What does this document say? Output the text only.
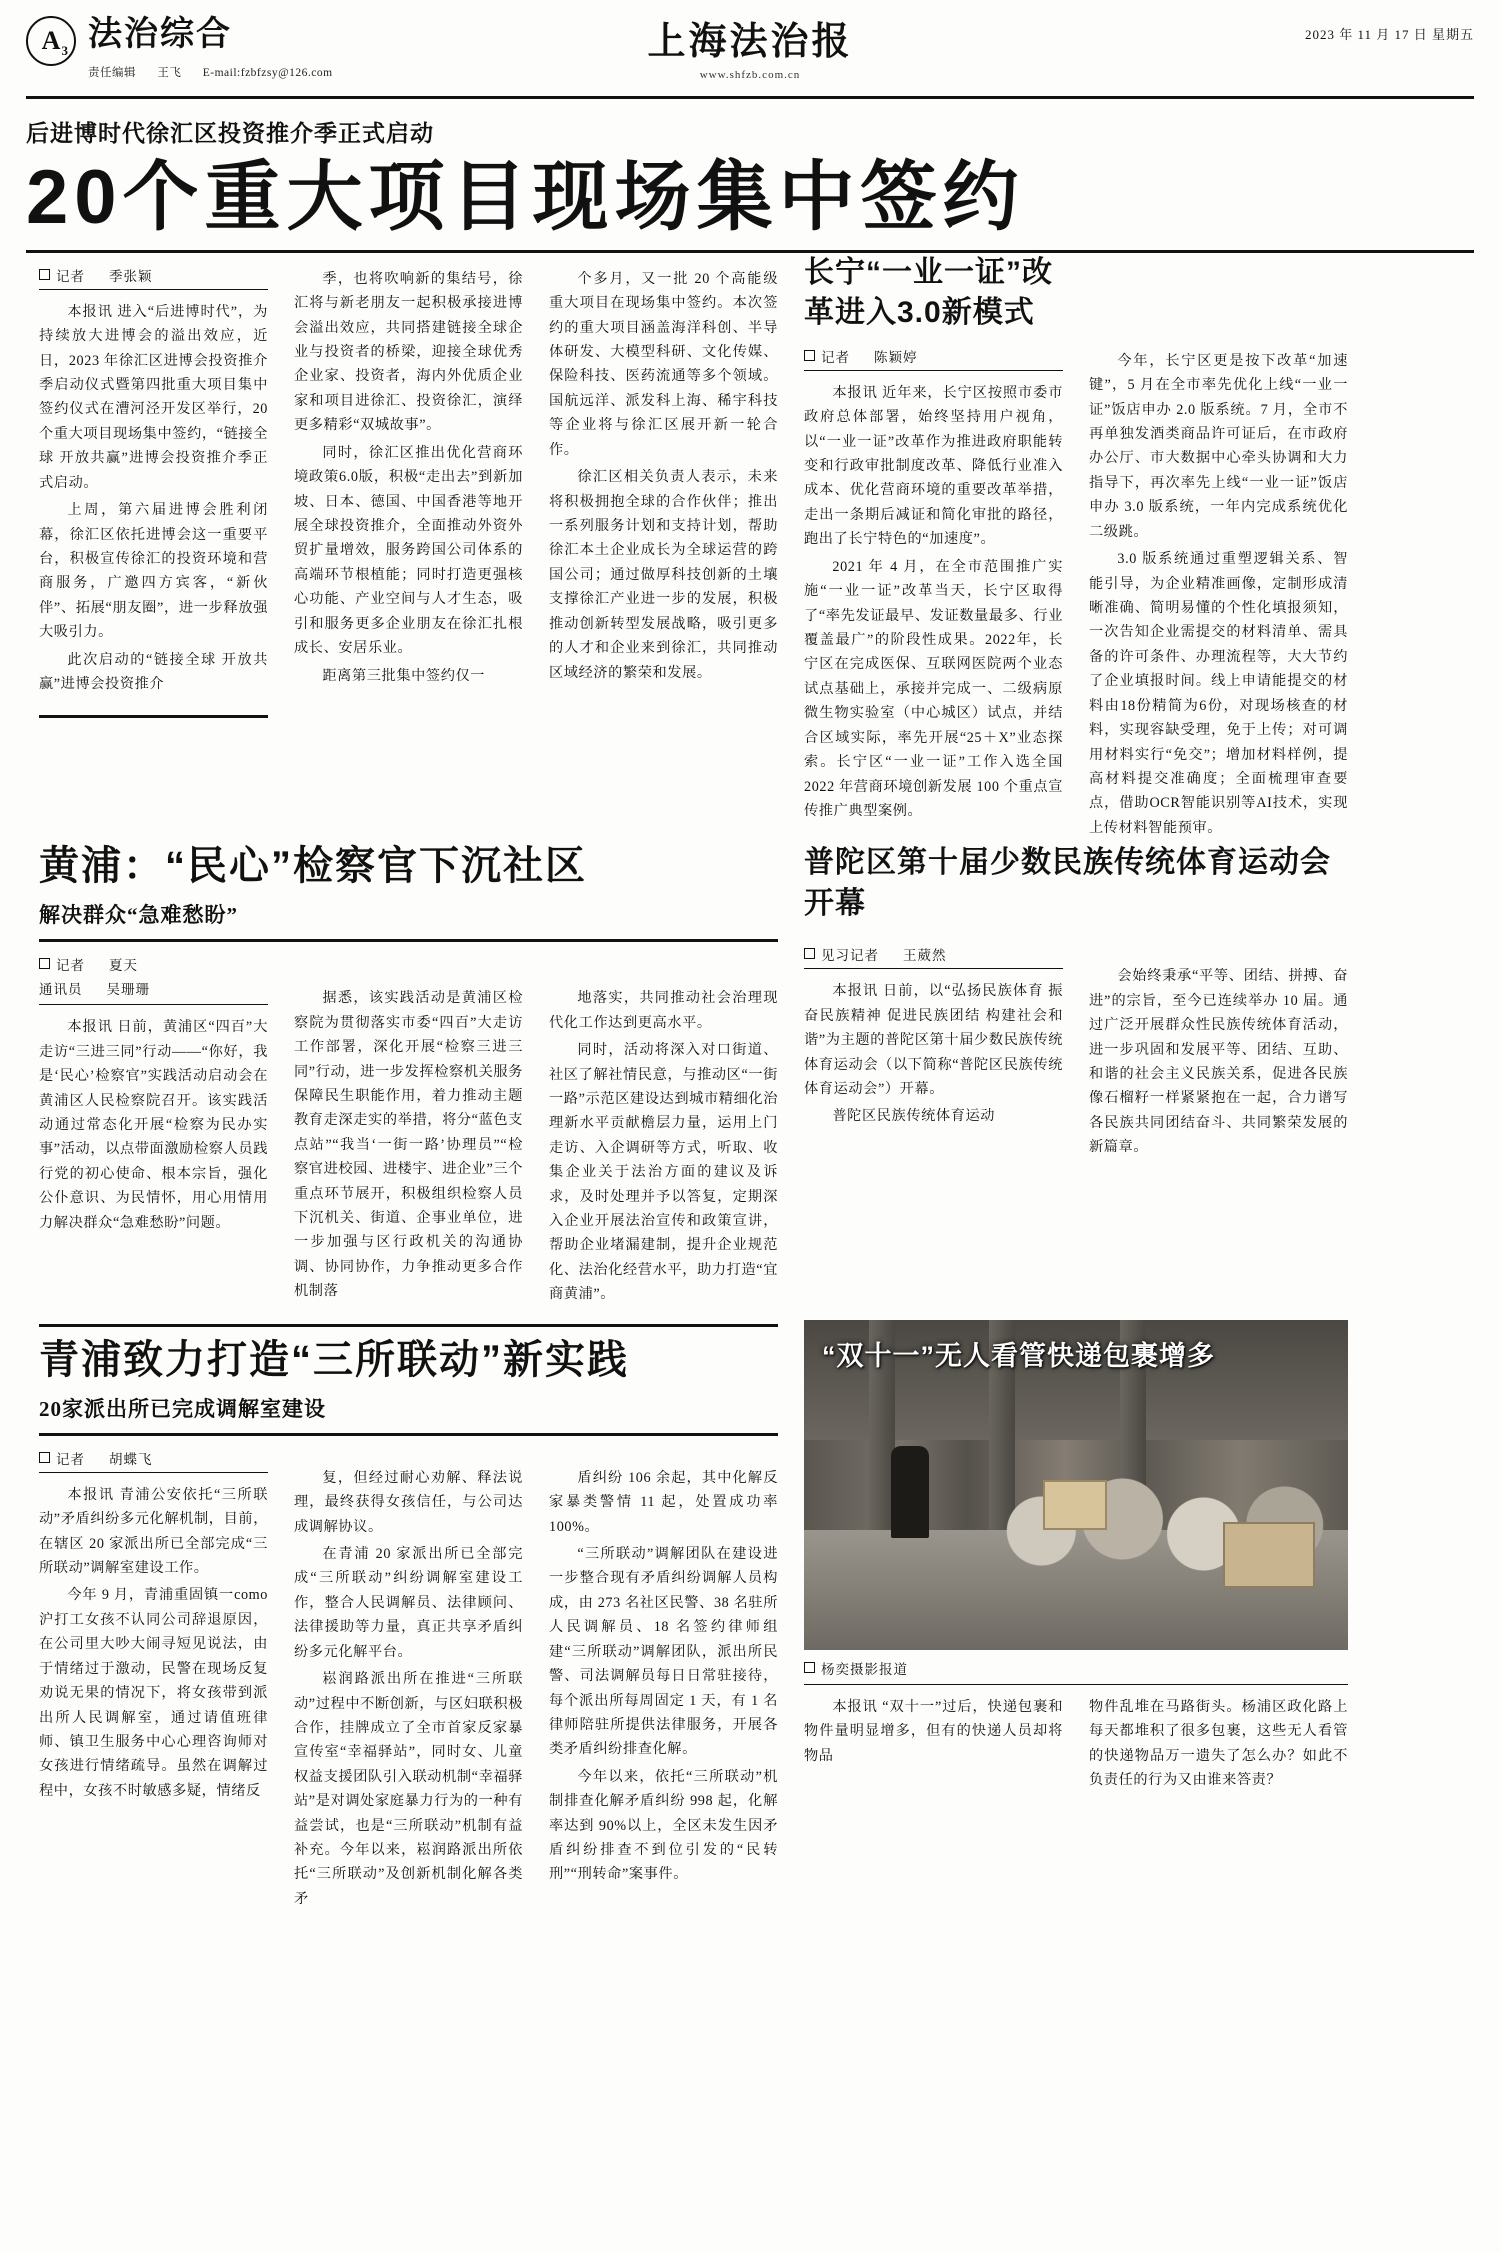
$A_3$ 法治综合
责任编辑 王飞 E-mail:fzbfzsy@126.com
上海法治报
www.shfzb.com.cn
2023 年 11 月 17 日 星期五
后进博时代徐汇区投资推介季正式启动
20个重大项目现场集中签约
记者 季张颖

本报讯 进入“后进博时代”，为持续放大进博会的溢出效应，近日，2023 年徐汇区进博会投资推介季启动仪式暨第四批重大项目集中签约仪式在漕河泾开发区举行，20 个重大项目现场集中签约，“链接全球 开放共赢”进博会投资推介季正式启动。

上周，第六届进博会胜利闭幕，徐汇区依托进博会这一重要平台，积极宣传徐汇的投资环境和营商服务，广邀四方宾客，“新伙伴”、拓展“朋友圈”，进一步释放强大吸引力。

此次启动的“链接全球 开放共赢”进博会投资推介

季，也将吹响新的集结号，徐汇将与新老朋友一起积极承接进博会溢出效应，共同搭建链接全球企业与投资者的桥梁，迎接全球优秀企业家、投资者，海内外优质企业家和项目进徐汇、投资徐汇，演绎更多精彩“双城故事”。

同时，徐汇区推出优化营商环境政策6.0版，积极“走出去”到新加坡、日本、德国、中国香港等地开展全球投资推介，全面推动外资外贸扩量增效，服务跨国公司体系的高端环节根植能；同时打造更强核心功能、产业空间与人才生态，吸引和服务更多企业朋友在徐汇扎根成长、安居乐业。

距离第三批集中签约仅一

个多月，又一批 20 个高能级重大项目在现场集中签约。本次签约的重大项目涵盖海洋科创、半导体研发、大模型科研、文化传媒、保险科技、医药流通等多个领域。国航远洋、派发科上海、稀宇科技等企业将与徐汇区展开新一轮合作。

徐汇区相关负责人表示，未来将积极拥抱全球的合作伙伴；推出一系列服务计划和支持计划，帮助徐汇本土企业成长为全球运营的跨国公司；通过做厚科技创新的土壤支撑徐汇产业进一步的发展，积极推动创新转型发展战略，吸引更多的人才和企业来到徐汇，共同推动区域经济的繁荣和发展。

长宁“一业一证”改革进入3.0新模式
记者 陈颖婷

本报讯 近年来，长宁区按照市委市政府总体部署，始终坚持用户视角，以“一业一证”改革作为推进政府职能转变和行政审批制度改革、降低行业准入成本、优化营商环境的重要改革举措，走出一条期后减证和简化审批的路径，跑出了长宁特色的“加速度”。

2021 年 4 月，在全市范围推广实施“一业一证”改革当天，长宁区取得了“率先发证最早、发证数量最多、行业覆盖最广”的阶段性成果。2022年，长宁区在完成医保、互联网医院两个业态试点基础上，承接并完成一、二级病原微生物实验室（中心城区）试点，并结合区域实际，率先开展“25＋X”业态探索。长宁区“一业一证”工作入选全国 2022 年营商环境创新发展 100 个重点宣传推广典型案例。

今年，长宁区更是按下改革“加速键”，5 月在全市率先优化上线“一业一证”饭店申办 2.0 版系统。7 月，全市不再单独发酒类商品许可证后，在市政府办公厅、市大数据中心牵头协调和大力指导下，再次率先上线“一业一证”饭店申办 3.0 版系统，一年内完成系统优化二级跳。

3.0 版系统通过重塑逻辑关系、智能引导，为企业精准画像，定制形成清晰准确、简明易懂的个性化填报须知，一次告知企业需提交的材料清单、需具备的许可条件、办理流程等，大大节约了企业填报时间。线上申请能提交的材料由18份精简为6份，对现场核查的材料，实现容缺受理，免于上传；对可调用材料实行“免交”；增加材料样例，提高材料提交准确度；全面梳理审查要点，借助OCR智能识别等AI技术，实现上传材料智能预审。

黄浦：“民心”检察官下沉社区
解决群众“急难愁盼”
记者 夏天
通讯员 吴珊珊

本报讯 日前，黄浦区“四百”大走访“三进三同”行动——“你好，我是‘民心’检察官”实践活动启动会在黄浦区人民检察院召开。该实践活动通过常态化开展“检察为民办实事”活动，以点带面激励检察人员践行党的初心使命、根本宗旨，强化公仆意识、为民情怀，用心用情用力解决群众“急难愁盼”问题。

据悉，该实践活动是黄浦区检察院为贯彻落实市委“四百”大走访工作部署，深化开展“检察三进三同”行动，进一步发挥检察机关服务保障民生职能作用，着力推动主题教育走深走实的举措，将分“蓝色支点站”“我当‘一街一路’协理员”“检察官进校园、进楼宇、进企业”三个重点环节展开，积极组织检察人员下沉机关、街道、企事业单位，进一步加强与区行政机关的沟通协调、协同协作，力争推动更多合作机制落

地落实，共同推动社会治理现代化工作达到更高水平。

同时，活动将深入对口街道、社区了解社情民意，与推动区“一街一路”示范区建设达到城市精细化治理新水平贡献檐层力量，运用上门走访、入企调研等方式，听取、收集企业关于法治方面的建议及诉求，及时处理并予以答复，定期深入企业开展法治宣传和政策宣讲，帮助企业堵漏建制，提升企业规范化、法治化经营水平，助力打造“宜商黄浦”。

普陀区第十届少数民族传统体育运动会开幕
见习记者 王葳然

本报讯 日前，以“弘扬民族体育 振奋民族精神 促进民族团结 构建社会和谐”为主题的普陀区第十届少数民族传统体育运动会（以下简称“普陀区民族传统体育运动会”）开幕。

普陀区民族传统体育运动

会始终秉承“平等、团结、拼搏、奋进”的宗旨，至今已连续举办 10 届。通过广泛开展群众性民族传统体育活动，进一步巩固和发展平等、团结、互助、和谐的社会主义民族关系，促进各民族像石榴籽一样紧紧抱在一起，合力谱写各民族共同团结奋斗、共同繁荣发展的新篇章。

青浦致力打造“三所联动”新实践
20家派出所已完成调解室建设
记者 胡蝶飞

本报讯 青浦公安依托“三所联动”矛盾纠纷多元化解机制，目前，在辖区 20 家派出所已全部完成“三所联动”调解室建设工作。

今年 9 月，青浦重固镇一como沪打工女孩不认同公司辞退原因，在公司里大吵大闹寻短见说法，由于情绪过于激动，民警在现场反复劝说无果的情况下，将女孩带到派出所人民调解室，通过请值班律师、镇卫生服务中心心理咨询师对女孩进行情绪疏导。虽然在调解过程中，女孩不时敏感多疑，情绪反

复，但经过耐心劝解、释法说理，最终获得女孩信任，与公司达成调解协议。

在青浦 20 家派出所已全部完成“三所联动”纠纷调解室建设工作，整合人民调解员、法律顾问、法律援助等力量，真正共享矛盾纠纷多元化解平台。

崧润路派出所在推进“三所联动”过程中不断创新，与区妇联积极合作，挂牌成立了全市首家反家暴宣传室“幸福驿站”，同时女、儿童权益支援团队引入联动机制“幸福驿站”是对调处家庭暴力行为的一种有益尝试，也是“三所联动”机制有益补充。今年以来，崧润路派出所依托“三所联动”及创新机制化解各类矛

盾纠纷 106 余起，其中化解反家暴类警情 11 起，处置成功率 100%。

“三所联动”调解团队在建设进一步整合现有矛盾纠纷调解人员构成，由 273 名社区民警、38 名驻所人民调解员、18 名签约律师组建“三所联动”调解团队，派出所民警、司法调解员每日日常驻接待，每个派出所每周固定 1 天，有 1 名律师陪驻所提供法律服务，开展各类矛盾纠纷排查化解。

今年以来，依托“三所联动”机制排查化解矛盾纠纷 998 起，化解率达到 90%以上，全区未发生因矛盾纠纷排查不到位引发的“民转刑”“刑转命”案事件。

“双十一”无人看管快递包裹增多
杨奕摄影报道

本报讯 “双十一”过后，快递包裹和物件量明显增多，但有的快递人员却将物品

物件乱堆在马路街头。杨浦区政化路上每天都堆积了很多包裹，这些无人看管的快递物品万一遗失了怎么办？如此不负责任的行为又由谁来答责？
